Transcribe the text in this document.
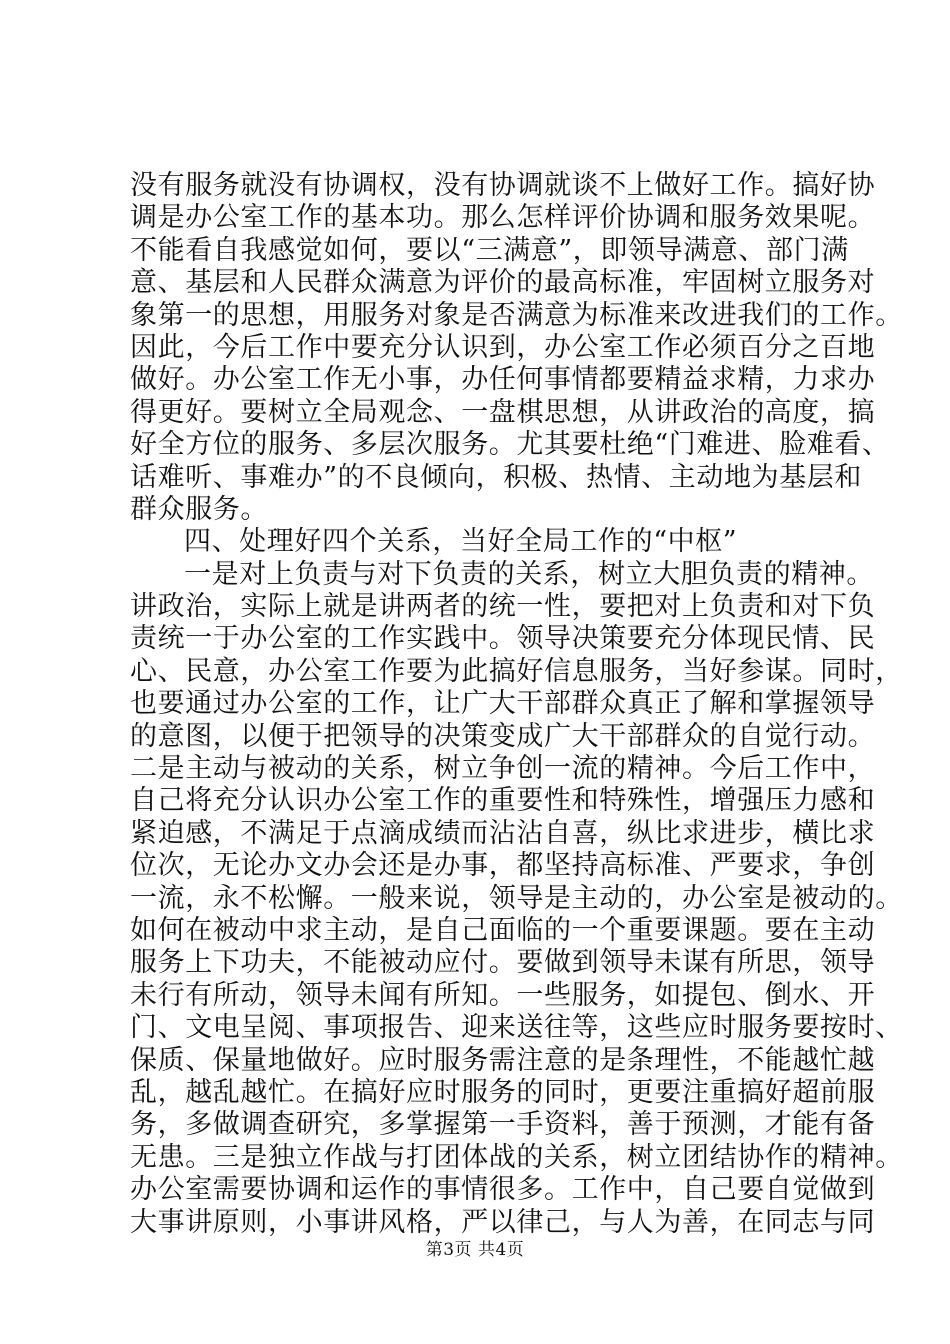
没有服务就没有协调权，没有协调就谈不上做好工作。搞好协
调是办公室工作的基本功。那么怎样评价协调和服务效果呢。
不能看自我感觉如何，要以“三满意”，即领导满意、部门满
意、基层和人民群众满意为评价的最高标准，牢固树立服务对
象第一的思想，用服务对象是否满意为标准来改进我们的工作。
因此，今后工作中要充分认识到，办公室工作必须百分之百地
做好。办公室工作无小事，办任何事情都要精益求精，力求办
得更好。要树立全局观念、一盘棋思想，从讲政治的高度，搞
好全方位的服务、多层次服务。尤其要杜绝“门难进、脸难看、
话难听、事难办”的不良倾向，积极、热情、主动地为基层和
群众服务。
四、处理好四个关系，当好全局工作的“中枢”
一是对上负责与对下负责的关系，树立大胆负责的精神。
讲政治，实际上就是讲两者的统一性，要把对上负责和对下负
责统一于办公室的工作实践中。领导决策要充分体现民情、民
心、民意，办公室工作要为此搞好信息服务，当好参谋。同时，
也要通过办公室的工作，让广大干部群众真正了解和掌握领导
的意图，以便于把领导的决策变成广大干部群众的自觉行动。
二是主动与被动的关系，树立争创一流的精神。今后工作中，
自己将充分认识办公室工作的重要性和特殊性，增强压力感和
紧迫感，不满足于点滴成绩而沾沾自喜，纵比求进步，横比求
位次，无论办文办会还是办事，都坚持高标准、严要求，争创
一流，永不松懈。一般来说，领导是主动的，办公室是被动的。
如何在被动中求主动，是自己面临的一个重要课题。要在主动
服务上下功夫，不能被动应付。要做到领导未谋有所思，领导
未行有所动，领导未闻有所知。一些服务，如提包、倒水、开
门、文电呈阅、事项报告、迎来送往等，这些应时服务要按时、
保质、保量地做好。应时服务需注意的是条理性，不能越忙越
乱，越乱越忙。在搞好应时服务的同时，更要注重搞好超前服
务，多做调查研究，多掌握第一手资料，善于预测，才能有备
无患。三是独立作战与打团体战的关系，树立团结协作的精神。
办公室需要协调和运作的事情很多。工作中，自己要自觉做到
大事讲原则，小事讲风格，严以律己，与人为善，在同志与同
第3页 共4页
